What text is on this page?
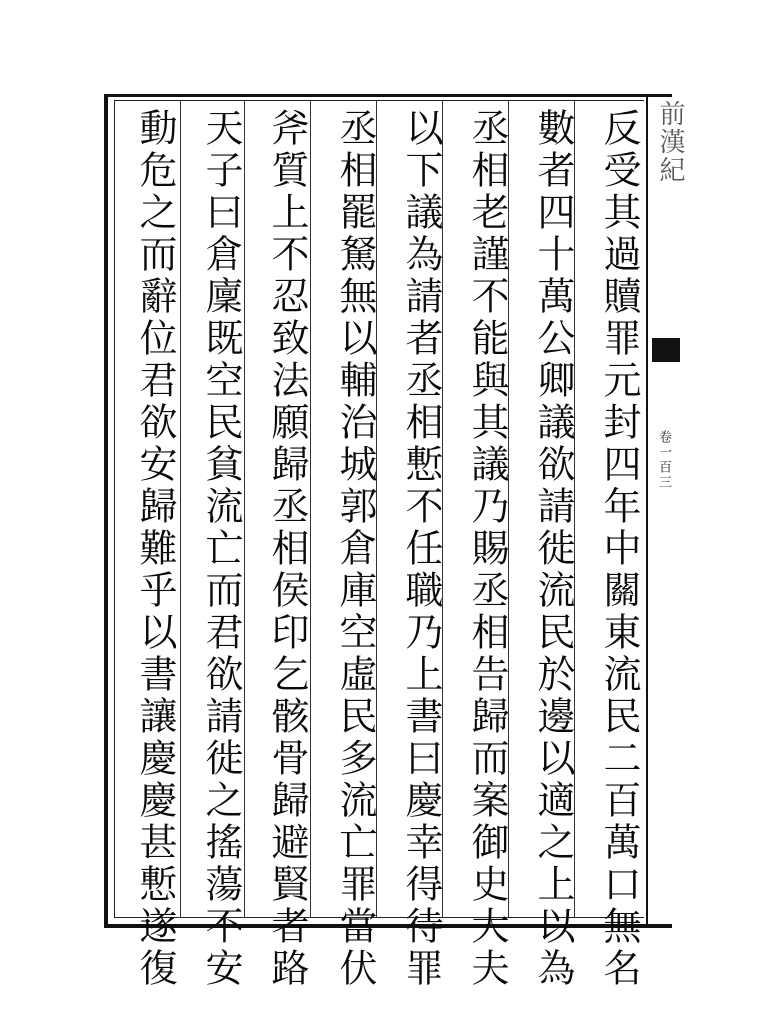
前漢紀
卷一百三
反受其過贖罪元封四年中關東流民二百萬口無名
數者四十萬公卿議欲請徙流民於邊以適之上以為
丞相老謹不能與其議乃賜丞相告歸而案御史大夫
以下議為請者丞相慙不任職乃上書曰慶幸得待罪
丞相罷駑無以輔治城郭倉庫空虛民多流亡罪當伏
斧質上不忍致法願歸丞相侯印乞骸骨歸避賢者路
天子曰倉廩既空民貧流亡而君欲請徙之搖蕩不安
動危之而辭位君欲安歸難乎以書讓慶慶甚慙遂復
